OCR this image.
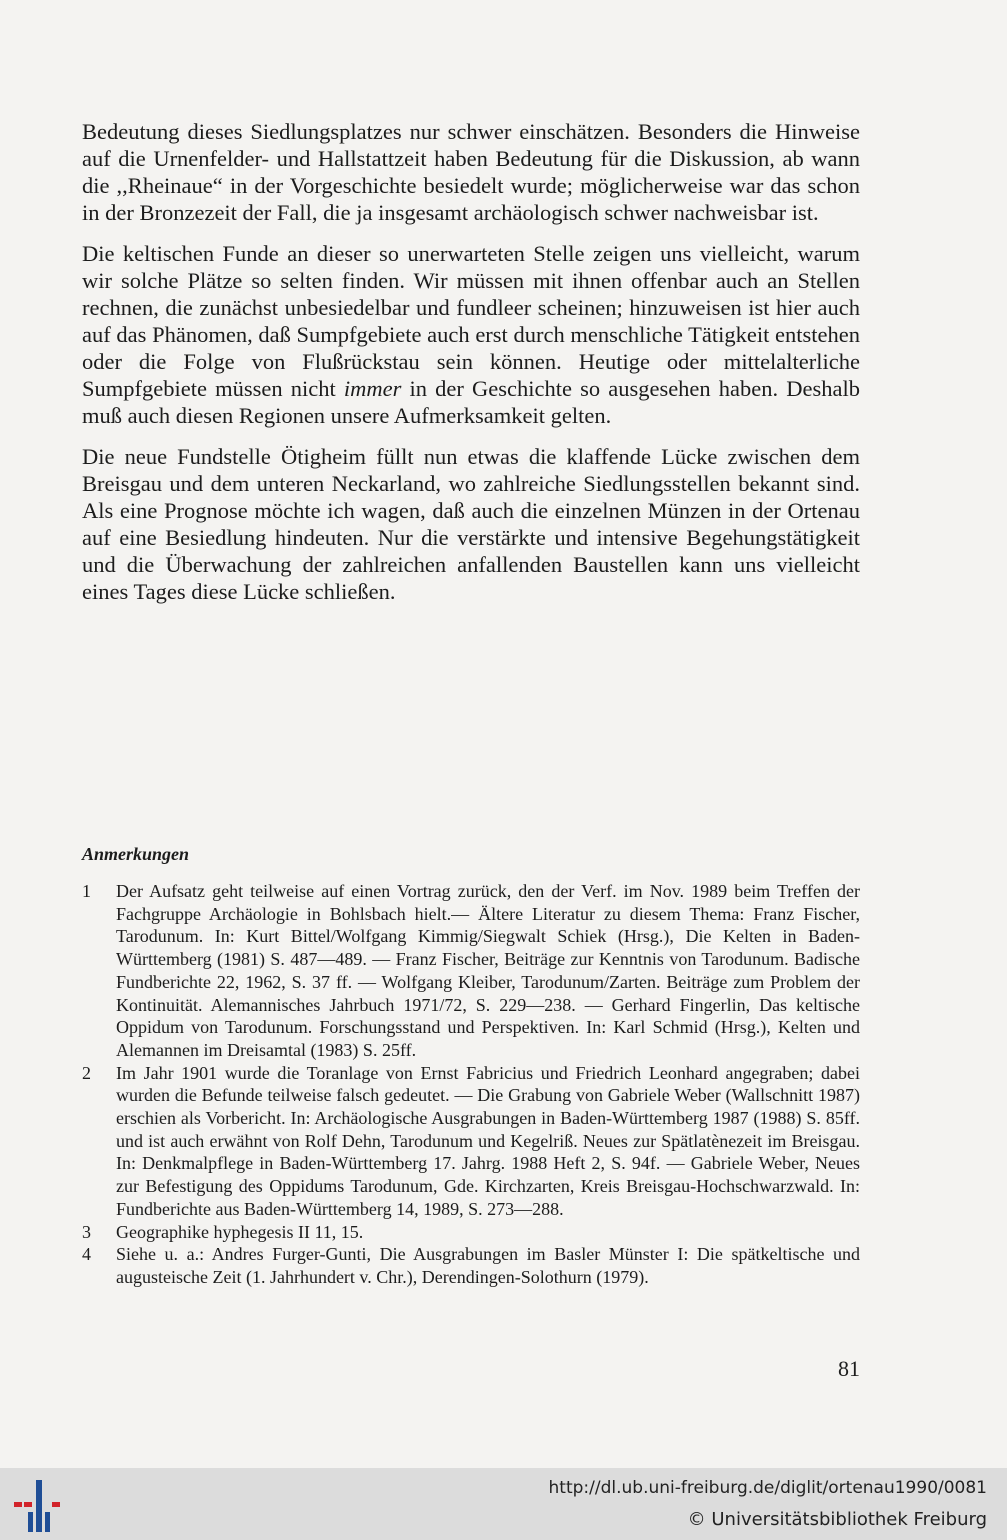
Bedeutung dieses Siedlungsplatzes nur schwer einschätzen. Besonders die Hinweise auf die Urnenfelder- und Hallstattzeit haben Bedeutung für die Diskussion, ab wann die ,,Rheinaue“ in der Vorgeschichte besiedelt wurde; möglicherweise war das schon in der Bronzezeit der Fall, die ja insgesamt archäologisch schwer nachweisbar ist.

Die keltischen Funde an dieser so unerwarteten Stelle zeigen uns vielleicht, warum wir solche Plätze so selten finden. Wir müssen mit ihnen offenbar auch an Stellen rechnen, die zunächst unbesiedelbar und fundleer scheinen; hinzuweisen ist hier auch auf das Phänomen, daß Sumpfgebiete auch erst durch menschliche Tätigkeit entstehen oder die Folge von Flußrückstau sein können. Heutige oder mittelalterliche Sumpfgebiete müssen nicht immer in der Geschichte so ausgesehen haben. Deshalb muß auch diesen Regionen unsere Aufmerksamkeit gelten.

Die neue Fundstelle Ötigheim füllt nun etwas die klaffende Lücke zwischen dem Breisgau und dem unteren Neckarland, wo zahlreiche Siedlungsstellen bekannt sind. Als eine Prognose möchte ich wagen, daß auch die einzelnen Münzen in der Ortenau auf eine Besiedlung hindeuten. Nur die verstärkte und intensive Begehungstätigkeit und die Überwachung der zahlreichen anfallenden Baustellen kann uns vielleicht eines Tages diese Lücke schließen.

Anmerkungen
1	Der Aufsatz geht teilweise auf einen Vortrag zurück, den der Verf. im Nov. 1989 beim Treffen der Fachgruppe Archäologie in Bohlsbach hielt.— Ältere Literatur zu diesem Thema: Franz Fischer, Tarodunum. In: Kurt Bittel/Wolfgang Kimmig/Siegwalt Schiek (Hrsg.), Die Kelten in Baden-Württemberg (1981) S. 487—489. — Franz Fischer, Beiträge zur Kenntnis von Tarodunum. Badische Fundberichte 22, 1962, S. 37 ff. — Wolfgang Kleiber, Tarodunum/Zarten. Beiträge zum Problem der Kontinuität. Alemannisches Jahrbuch 1971/72, S. 229—238. — Gerhard Fingerlin, Das keltische Oppidum von Tarodunum. Forschungsstand und Perspektiven. In: Karl Schmid (Hrsg.), Kelten und Alemannen im Dreisamtal (1983) S. 25ff.
2	Im Jahr 1901 wurde die Toranlage von Ernst Fabricius und Friedrich Leonhard angegraben; dabei wurden die Befunde teilweise falsch gedeutet. — Die Grabung von Gabriele Weber (Wallschnitt 1987) erschien als Vorbericht. In: Archäologische Ausgrabungen in Baden-Württemberg 1987 (1988) S. 85ff. und ist auch erwähnt von Rolf Dehn, Tarodunum und Kegelriß. Neues zur Spätlatènezeit im Breisgau. In: Denkmalpflege in Baden-Württemberg 17. Jahrg. 1988 Heft 2, S. 94f. — Gabriele Weber, Neues zur Befestigung des Oppidums Tarodunum, Gde. Kirchzarten, Kreis Breisgau-Hochschwarzwald. In: Fundberichte aus Baden-Württemberg 14, 1989, S. 273—288.
3	Geographike hyphegesis II 11, 15.
4	Siehe u. a.: Andres Furger-Gunti, Die Ausgrabungen im Basler Münster I: Die spätkeltische und augusteische Zeit (1. Jahrhundert v. Chr.), Derendingen-Solothurn (1979).
81
http://dl.ub.uni-freiburg.de/diglit/ortenau1990/0081
© Universitätsbibliothek Freiburg
